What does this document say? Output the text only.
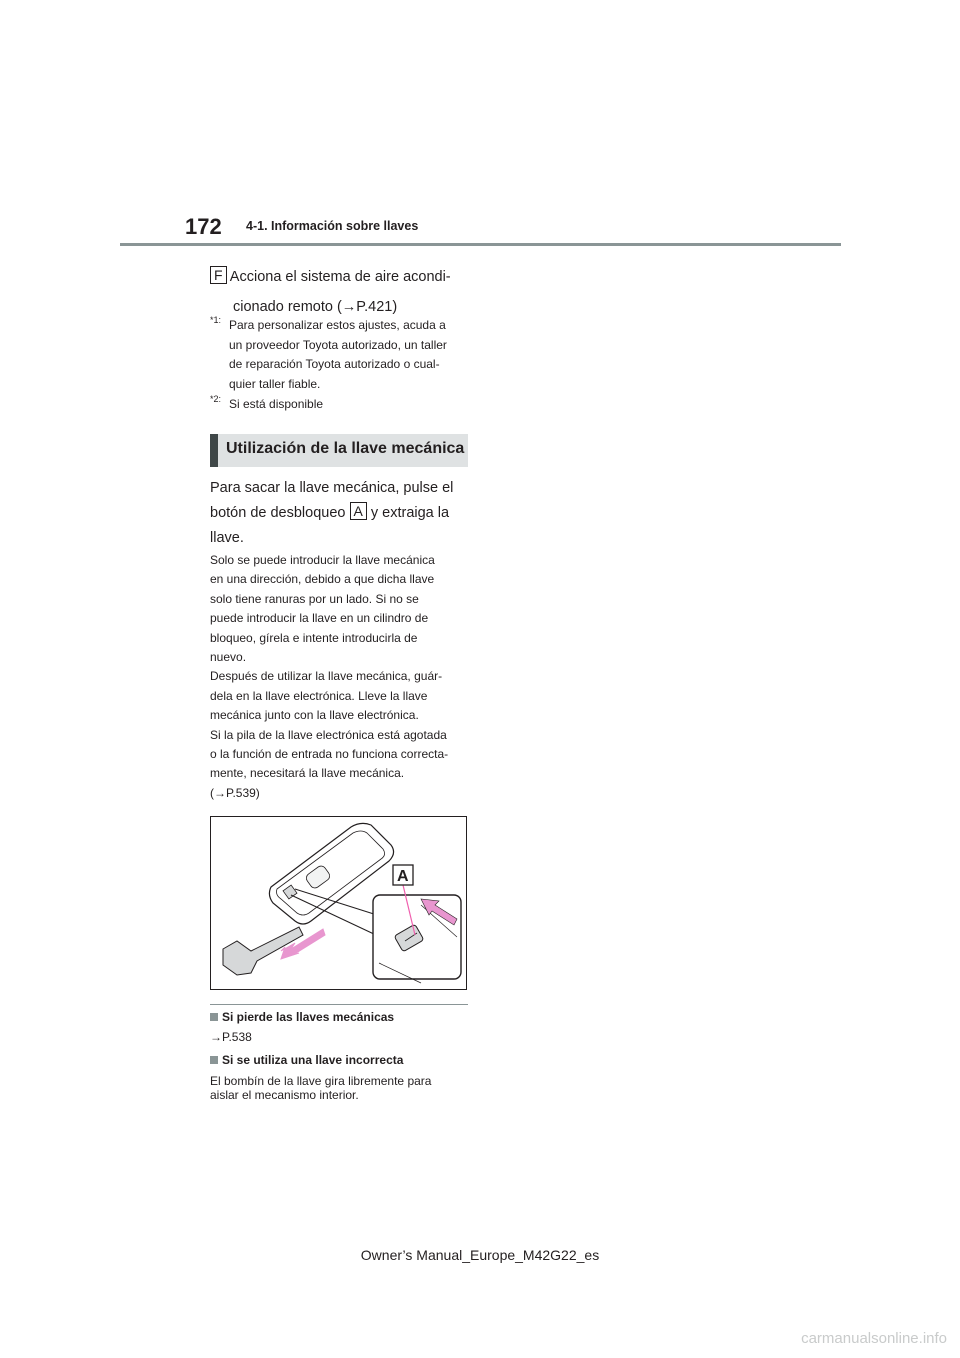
172 4-1. Información sobre llaves
F Acciona el sistema de aire acondi-
cionado remoto (→P.421)
*1: Para personalizar estos ajustes, acuda a
un proveedor Toyota autorizado, un taller
de reparación Toyota autorizado o cual-
quier taller fiable.
*2: Si está disponible
Utilización de la llave mecánica
Para sacar la llave mecánica, pulse el
botón de desbloqueo A y extraiga la
llave.
Solo se puede introducir la llave mecánica
en una dirección, debido a que dicha llave
solo tiene ranuras por un lado. Si no se
puede introducir la llave en un cilindro de
bloqueo, gírela e intente introducirla de
nuevo.
Después de utilizar la llave mecánica, guár-
dela en la llave electrónica. Lleve la llave
mecánica junto con la llave electrónica.
Si la pila de la llave electrónica está agotada
o la función de entrada no funciona correcta-
mente, necesitará la llave mecánica.
(→P.539)
A
Si pierde las llaves mecánicas
→P.538
Si se utiliza una llave incorrecta
El bombín de la llave gira libremente para
aislar el mecanismo interior.
Owner’s Manual_Europe_M42G22_es
carmanualsonline.info
